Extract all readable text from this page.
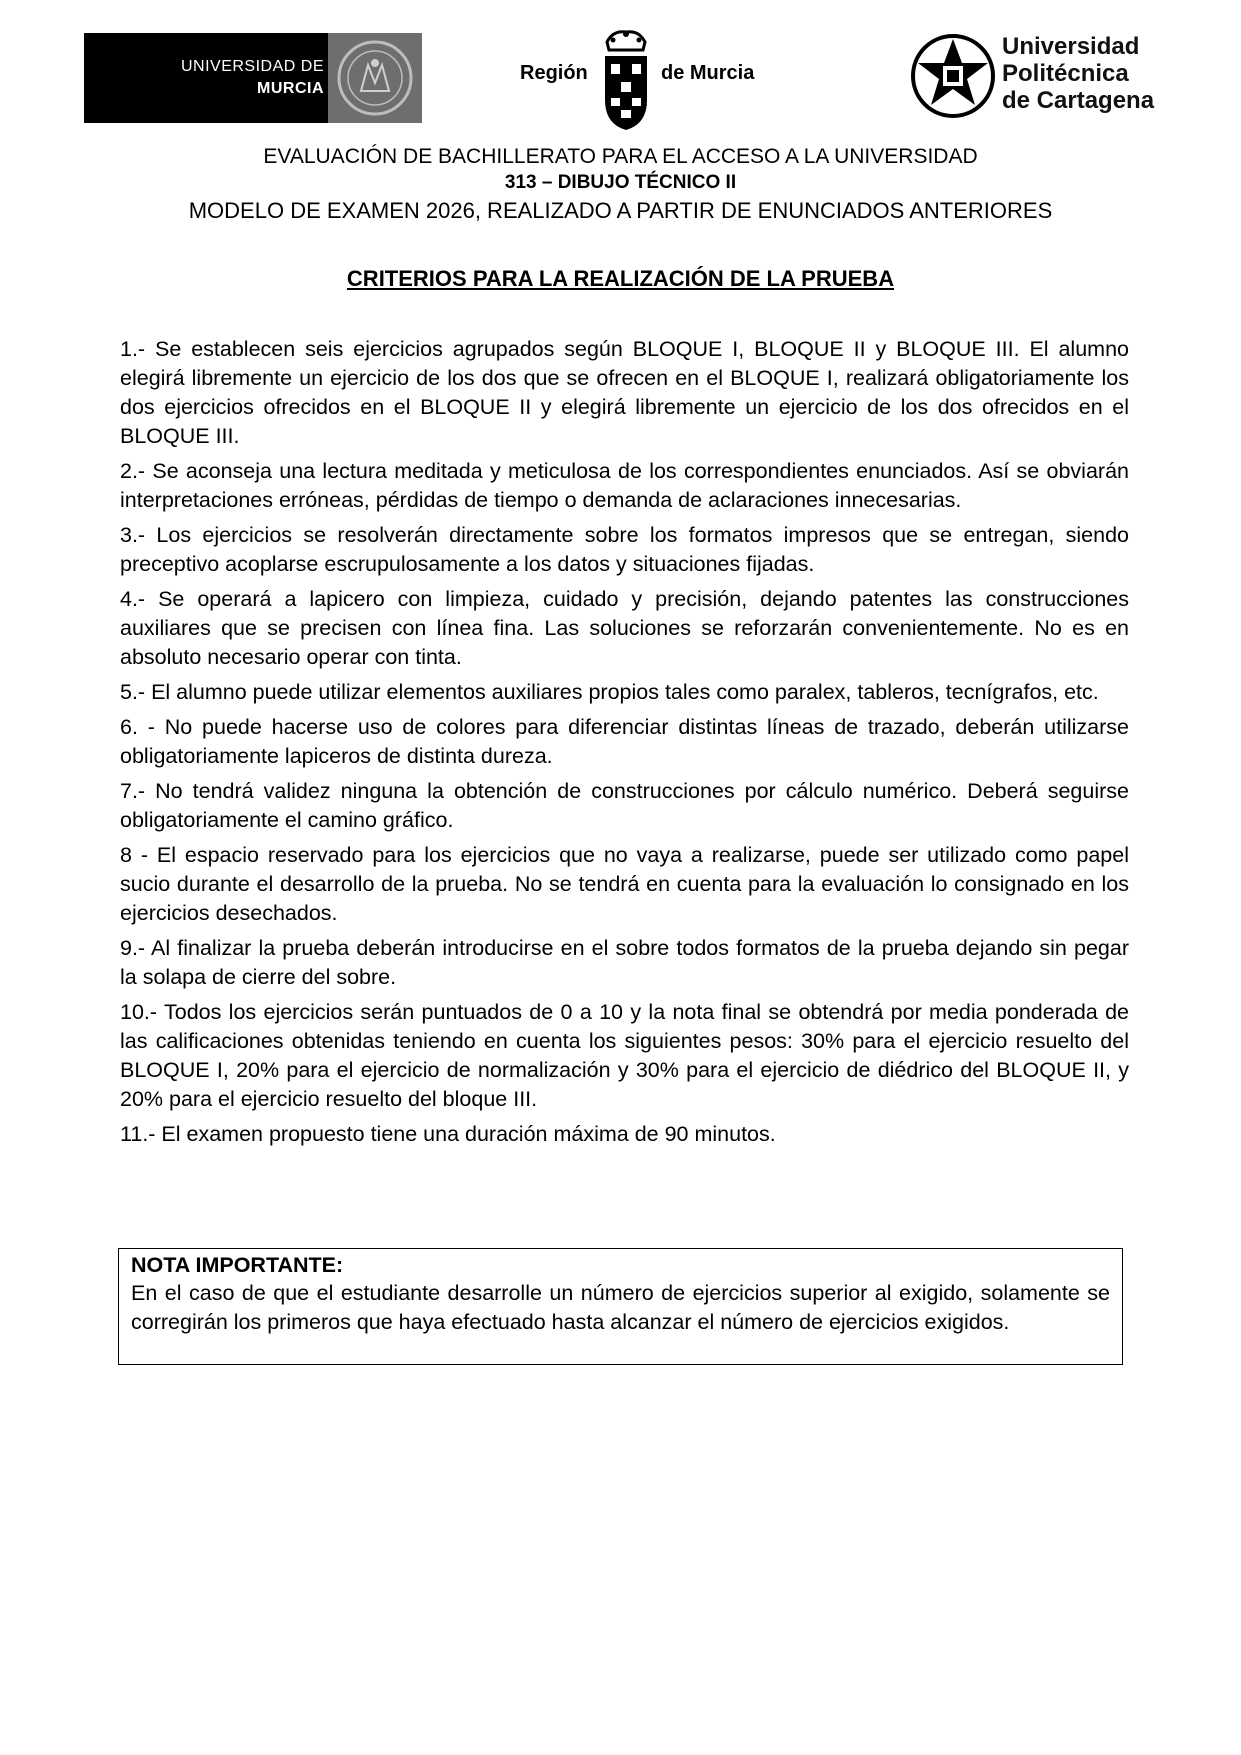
UNIVERSIDAD DE
MURCIA
Región	de Murcia
Universidad
Politécnica
de Cartagena
EVALUACIÓN DE BACHILLERATO PARA EL ACCESO A LA UNIVERSIDAD
313 – DIBUJO TÉCNICO II
MODELO DE EXAMEN 2026, REALIZADO A PARTIR DE ENUNCIADOS ANTERIORES
CRITERIOS PARA LA REALIZACIÓN DE LA PRUEBA

1.- Se establecen seis ejercicios agrupados según BLOQUE I, BLOQUE II y BLOQUE III. El alumno elegirá libremente un ejercicio de los dos que se ofrecen en el BLOQUE I, realizará obligatoriamente los dos ejercicios ofrecidos en el BLOQUE II y elegirá libremente un ejercicio de los dos ofrecidos en el BLOQUE III.

2.- Se aconseja una lectura meditada y meticulosa de los correspondientes enunciados. Así se obviarán interpretaciones erróneas, pérdidas de tiempo o demanda de aclaraciones innecesarias.

3.- Los ejercicios se resolverán directamente sobre los formatos impresos que se entregan, siendo preceptivo acoplarse escrupulosamente a los datos y situaciones fijadas.

4.- Se operará a lapicero con limpieza, cuidado y precisión, dejando patentes las construcciones auxiliares que se precisen con línea fina. Las soluciones se reforzarán convenientemente. No es en absoluto necesario operar con tinta.

5.- El alumno puede utilizar elementos auxiliares propios tales como paralex, tableros, tecnígrafos, etc.

6. - No puede hacerse uso de colores para diferenciar distintas líneas de trazado, deberán utilizarse obligatoriamente lapiceros de distinta dureza.

7.- No tendrá validez ninguna la obtención de construcciones por cálculo numérico. Deberá seguirse obligatoriamente el camino gráfico.

8 - El espacio reservado para los ejercicios que no vaya a realizarse, puede ser utilizado como papel sucio durante el desarrollo de la prueba. No se tendrá en cuenta para la evaluación lo consignado en los ejercicios desechados.

9.- Al finalizar la prueba deberán introducirse en el sobre todos formatos de la prueba dejando sin pegar la solapa de cierre del sobre.

10.- Todos los ejercicios serán puntuados de 0 a 10 y la nota final se obtendrá por media ponderada de las calificaciones obtenidas teniendo en cuenta los siguientes pesos: 30% para el ejercicio resuelto del BLOQUE I, 20% para el ejercicio de normalización y 30% para el ejercicio de diédrico del BLOQUE II, y 20% para el ejercicio resuelto del bloque III.

11.- El examen propuesto tiene una duración máxima de 90 minutos.

NOTA IMPORTANTE:
En el caso de que el estudiante desarrolle un número de ejercicios superior al exigido, solamente se corregirán los primeros que haya efectuado hasta alcanzar el número de ejercicios exigidos.
